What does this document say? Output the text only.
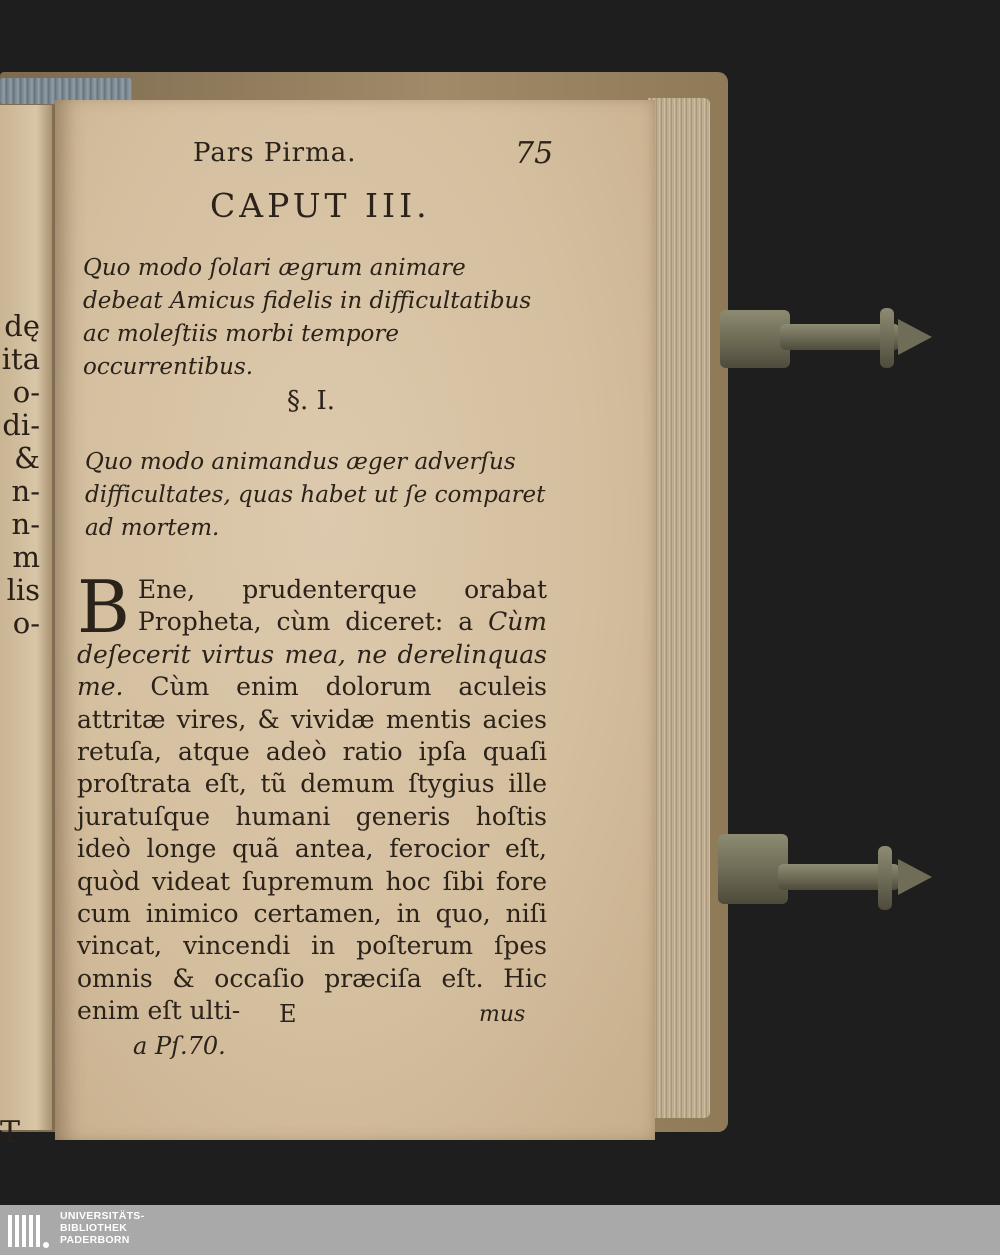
dę
ita
o-
di-
&
n-
n-
m
lis
o-
T
Pars Pirma.	75
CAPUT III.
Quo modo ſolari ægrum animare debeat Amicus fidelis in difficultatibus ac moleſtiis morbi tempore occurrentibus.
§. I.
Quo modo animandus æger adverſus difficultates, quas habet ut ſe comparet ad mortem.
B Ene, prudenterque orabat Propheta, cùm diceret: a Cùm deſecerit virtus mea, ne derelinquas me. Cùm enim dolorum aculeis attritæ vires, & vividæ mentis acies retuſa, atque adeò ratio ipſa quaſi proſtrata eſt, tũ demum ſtygius ille juratuſque humani generis hoſtis ideò longe quã antea, ferocior eſt, quòd videat ſupremum hoc ſibi fore cum inimico certamen, in quo, niſi vincat, vincendi in poſterum ſpes omnis & occaſio præciſa eſt. Hic enim eſt ulti-	E	mus
a Pſ.70.
UNIVERSITÄTS-
BIBLIOTHEK
PADERBORN
